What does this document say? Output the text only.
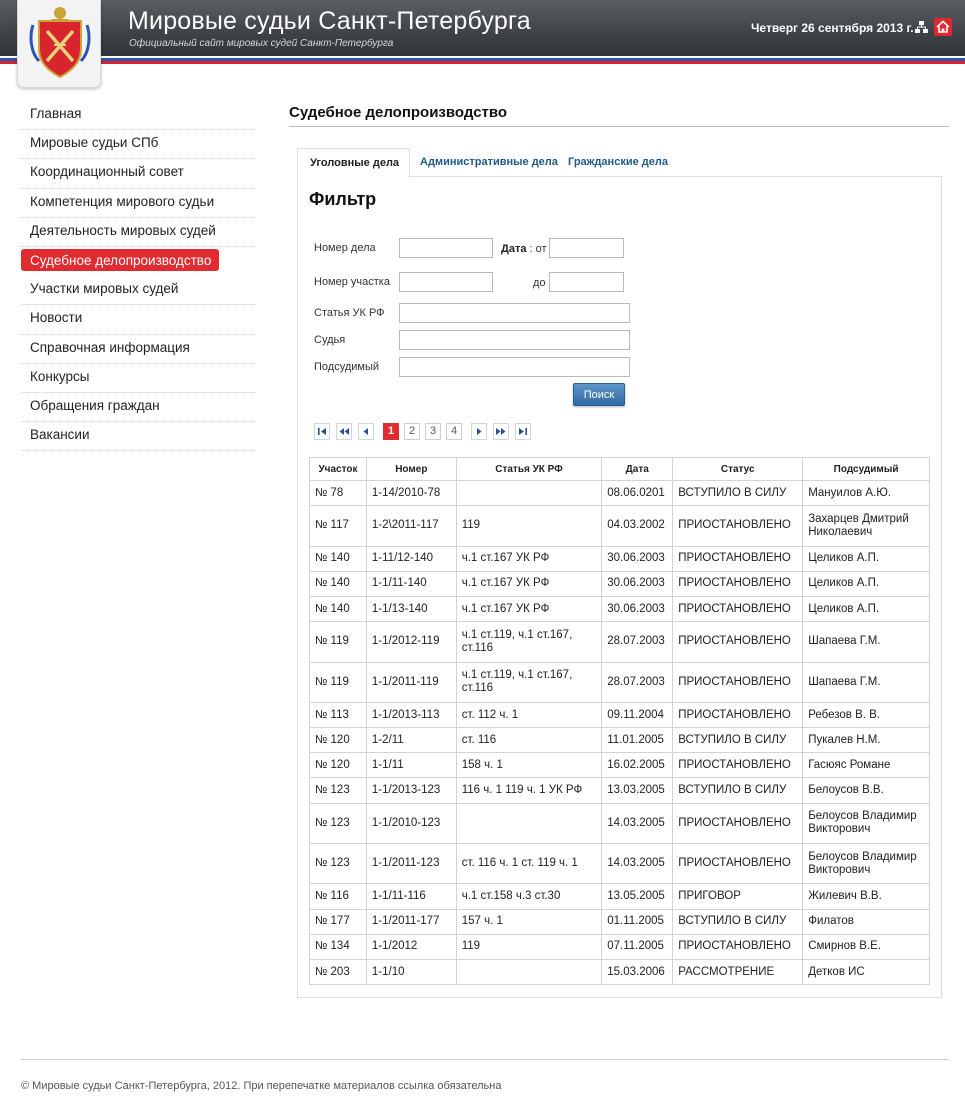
Мировые судьи Санкт-Петербурга
Официальный сайт мировых судей Санкт-Петербурга
Четверг 26 сентября 2013 г.
Главная
Мировые судьи СПб
Координационный совет
Компетенция мирового судьи
Деятельность мировых судей
Судебное делопроизводство
Участки мировых судей
Новости
Справочная информация
Конкурсы
Обращения граждан
Вакансии
Судебное делопроизводство
Уголовные дела	Административные дела Гражданские дела
Фильтр
Номер дела	Дата : от
Номер участка	до
Статья УК РФ
Судья
Подсудимый
Поиск
1	2	3	4
Участок	Номер	Статья УК РФ	Дата	Статус	Подсудимый
№ 78	1-14/2010-78		08.06.0201	ВСТУПИЛО В СИЛУ	Мануилов А.Ю.
№ 117	1-2\2011-117	119	04.03.2002	ПРИОСТАНОВЛЕНО	Захарцев Дмитрий Николаевич
№ 140	1-11/12-140	ч.1 ст.167 УК РФ	30.06.2003	ПРИОСТАНОВЛЕНО	Целиков А.П.
№ 140	1-1/11-140	ч.1 ст.167 УК РФ	30.06.2003	ПРИОСТАНОВЛЕНО	Целиков А.П.
№ 140	1-1/13-140	ч.1 ст.167 УК РФ	30.06.2003	ПРИОСТАНОВЛЕНО	Целиков А.П.
№ 119	1-1/2012-119	ч.1 ст.119, ч.1 ст.167, ст.116	28.07.2003	ПРИОСТАНОВЛЕНО	Шапаева Г.М.
№ 119	1-1/2011-119	ч.1 ст.119, ч.1 ст.167, ст.116	28.07.2003	ПРИОСТАНОВЛЕНО	Шапаева Г.М.
№ 113	1-1/2013-113	ст. 112 ч. 1	09.11.2004	ПРИОСТАНОВЛЕНО	Ребезов В. В.
№ 120	1-2/11	ст. 116	11.01.2005	ВСТУПИЛО В СИЛУ	Пукалев Н.М.
№ 120	1-1/11	158 ч. 1	16.02.2005	ПРИОСТАНОВЛЕНО	Гасюяс Романе
№ 123	1-1/2013-123	116 ч. 1 119 ч. 1 УК РФ	13.03.2005	ВСТУПИЛО В СИЛУ	Белоусов В.В.
№ 123	1-1/2010-123		14.03.2005	ПРИОСТАНОВЛЕНО	Белоусов Владимир Викторович
№ 123	1-1/2011-123	ст. 116 ч. 1 ст. 119 ч. 1	14.03.2005	ПРИОСТАНОВЛЕНО	Белоусов Владимир Викторович
№ 116	1-1/11-116	ч.1 ст.158 ч.3 ст.30	13.05.2005	ПРИГОВОР	Жилевич В.В.
№ 177	1-1/2011-177	157 ч. 1	01.11.2005	ВСТУПИЛО В СИЛУ	Филатов
№ 134	1-1/2012	119	07.11.2005	ПРИОСТАНОВЛЕНО	Смирнов В.Е.
№ 203	1-1/10		15.03.2006	РАССМОТРЕНИЕ	Детков ИС
© Мировые судьи Санкт-Петербурга, 2012. При перепечатке материалов ссылка обязательна
